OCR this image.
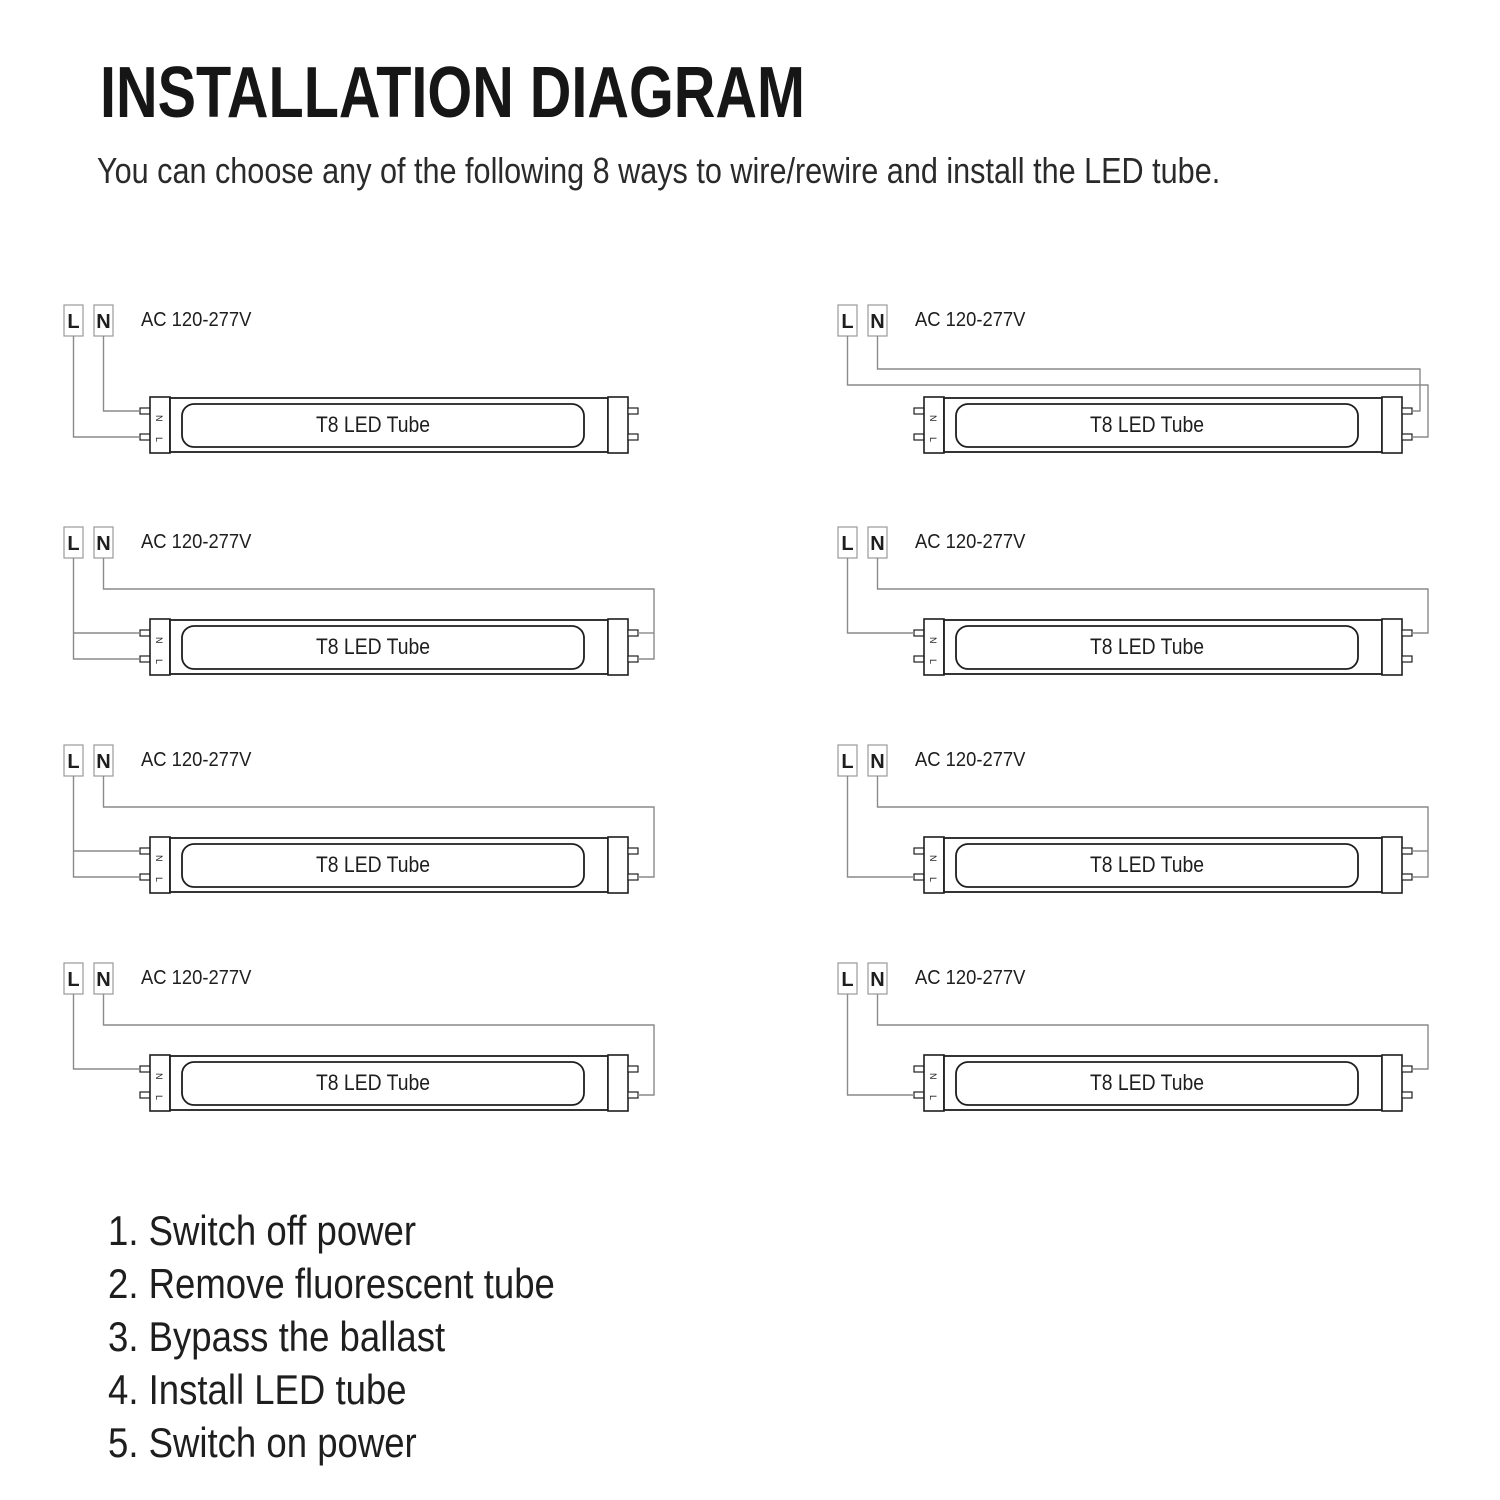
INSTALLATION DIAGRAM
You can choose any of the following 8 ways to wire/rewire and install the LED tube.
L N AC 120-277V
N
L
T8 LED Tube
L N AC 120-277V
N
L
T8 LED Tube
L N AC 120-277V
N
L
T8 LED Tube
L N AC 120-277V
N
L
T8 LED Tube
L N AC 120-277V
N
L
T8 LED Tube
L N AC 120-277V
N
L
T8 LED Tube
L N AC 120-277V
N
L
T8 LED Tube
L N AC 120-277V
N
L
T8 LED Tube
1. Switch off power
2. Remove fluorescent tube
3. Bypass the ballast
4. Install LED tube
5. Switch on power
